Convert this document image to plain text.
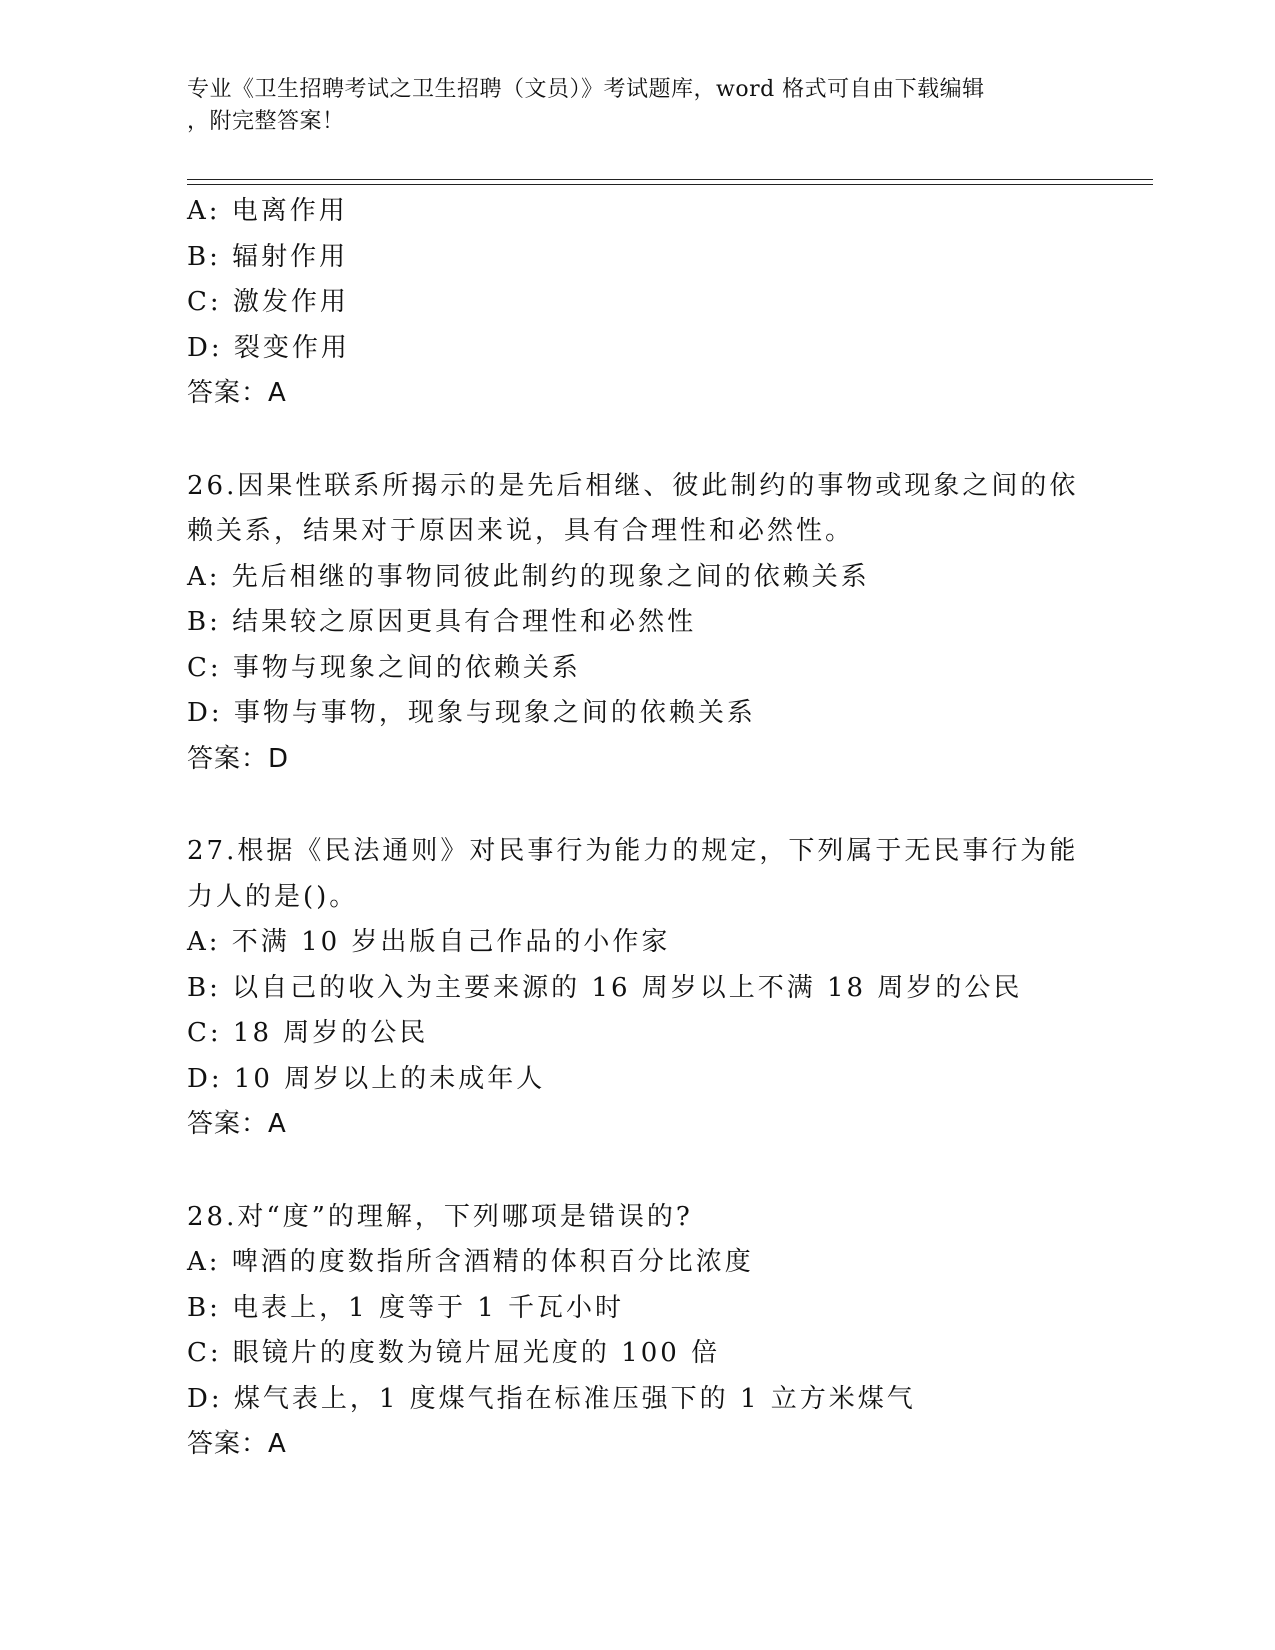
专业《卫生招聘考试之卫生招聘（文员）》考试题库，word 格式可自由下载编辑
，附完整答案！

A: 电离作用

B: 辐射作用

C: 激发作用

D: 裂变作用

答案：A

26.因果性联系所揭示的是先后相继、彼此制约的事物或现象之间的依

赖关系，结果对于原因来说，具有合理性和必然性。

A: 先后相继的事物同彼此制约的现象之间的依赖关系

B: 结果较之原因更具有合理性和必然性

C: 事物与现象之间的依赖关系

D: 事物与事物，现象与现象之间的依赖关系

答案：D

27.根据《民法通则》对民事行为能力的规定，下列属于无民事行为能

力人的是()。

A: 不满 10 岁出版自己作品的小作家

B: 以自己的收入为主要来源的 16 周岁以上不满 18 周岁的公民

C: 18 周岁的公民

D: 10 周岁以上的未成年人

答案：A

28.对“度”的理解，下列哪项是错误的?

A: 啤酒的度数指所含酒精的体积百分比浓度

B: 电表上，1 度等于 1 千瓦小时

C: 眼镜片的度数为镜片屈光度的 100 倍

D: 煤气表上，1 度煤气指在标准压强下的 1 立方米煤气

答案：A
